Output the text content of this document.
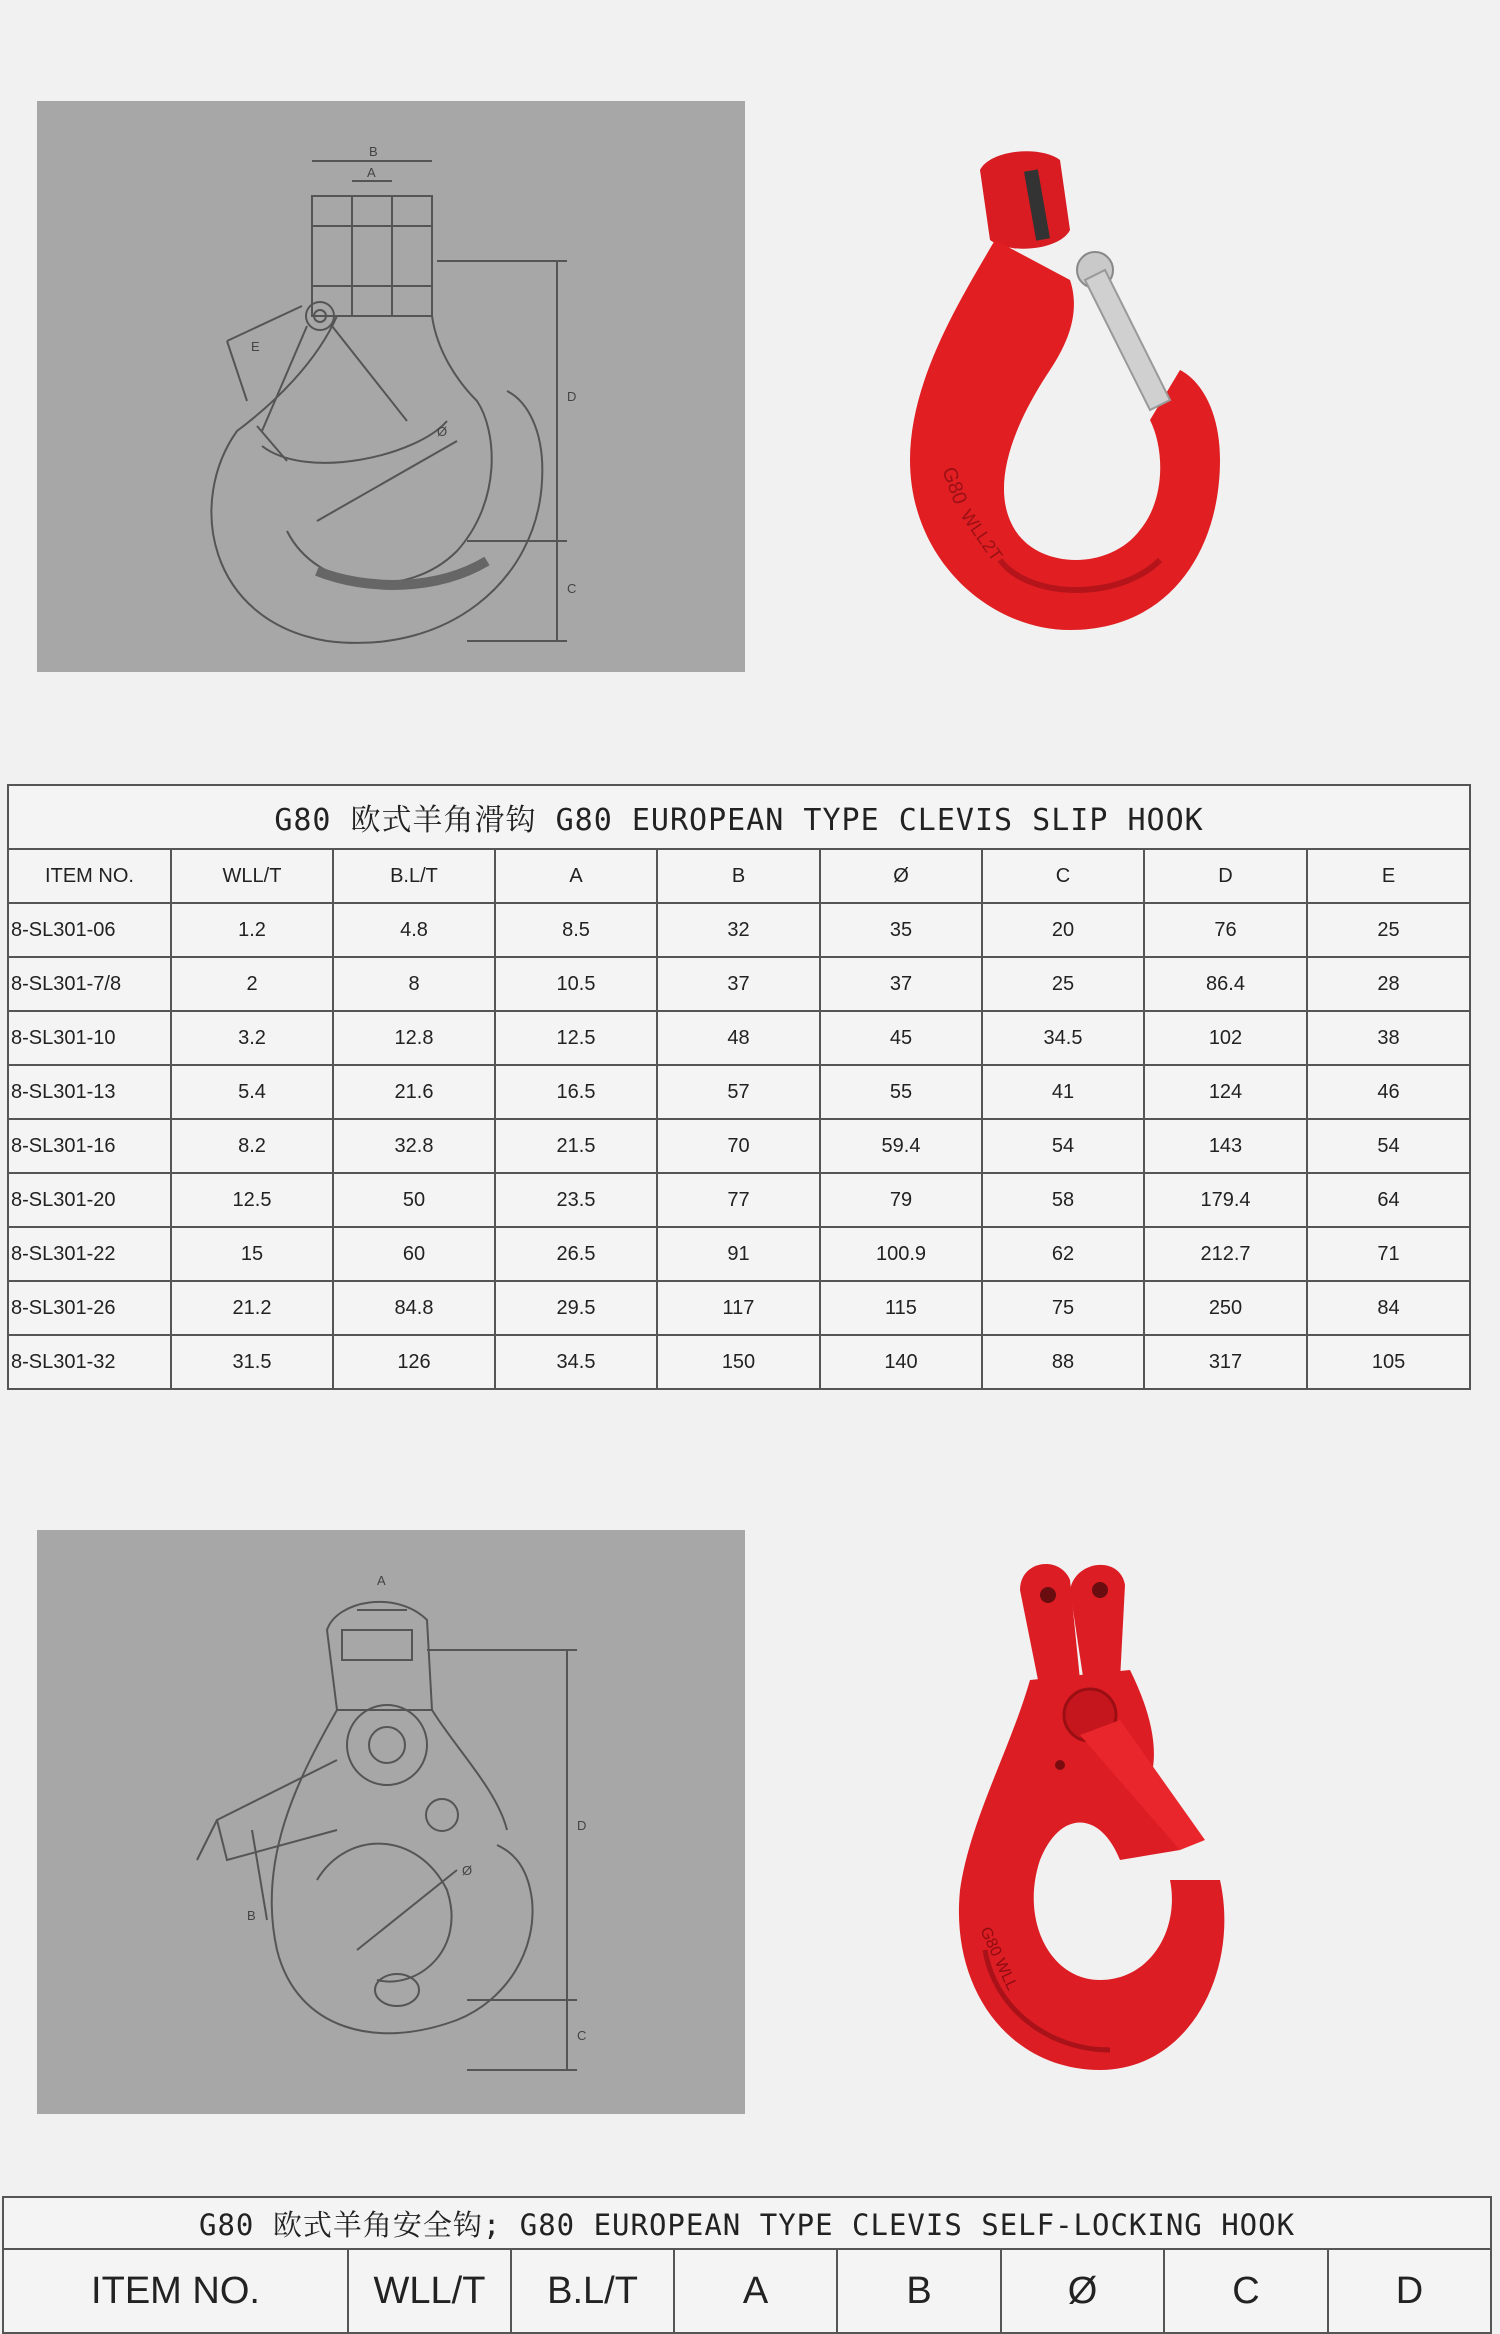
B
A
D
C
E
Ø
G80
WLL2T
G80 欧式羊角滑钩 G80 EUROPEAN TYPE CLEVIS SLIP HOOK								
ITEM NO.	WLL/T	B.L/T	A	B	Ø	C	D	E
8-SL301-06	1.2	4.8	8.5	32	35	20	76	25
8-SL301-7/8	2	8	10.5	37	37	25	86.4	28
8-SL301-10	3.2	12.8	12.5	48	45	34.5	102	38
8-SL301-13	5.4	21.6	16.5	57	55	41	124	46
8-SL301-16	8.2	32.8	21.5	70	59.4	54	143	54
8-SL301-20	12.5	50	23.5	77	79	58	179.4	64
8-SL301-22	15	60	26.5	91	100.9	62	212.7	71
8-SL301-26	21.2	84.8	29.5	117	115	75	250	84
8-SL301-32	31.5	126	34.5	150	140	88	317	105
A
D
C
B
Ø
G80 WLL
G80 欧式羊角安全钩; G80 EUROPEAN TYPE CLEVIS SELF-LOCKING HOOK
ITEM NO.	WLL/T	B.L/T	A	B	Ø	C	D
